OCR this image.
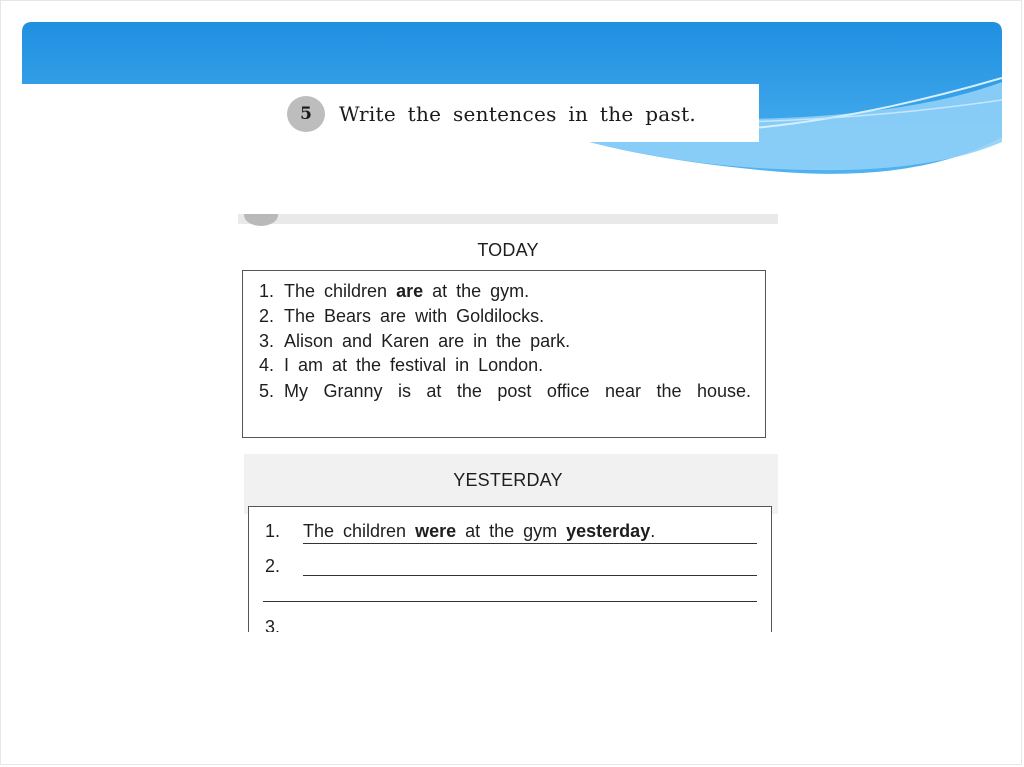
5	Write the sentences in the past.
TODAY
1. The children are at the gym.
2. The Bears are with Goldilocks.
3. Alison and Karen are in the park.
4. I am at the festival in London.
5. My Granny is at the post office near the house.
YESTERDAY
1. The children were at the gym yesterday.
2.
3.
